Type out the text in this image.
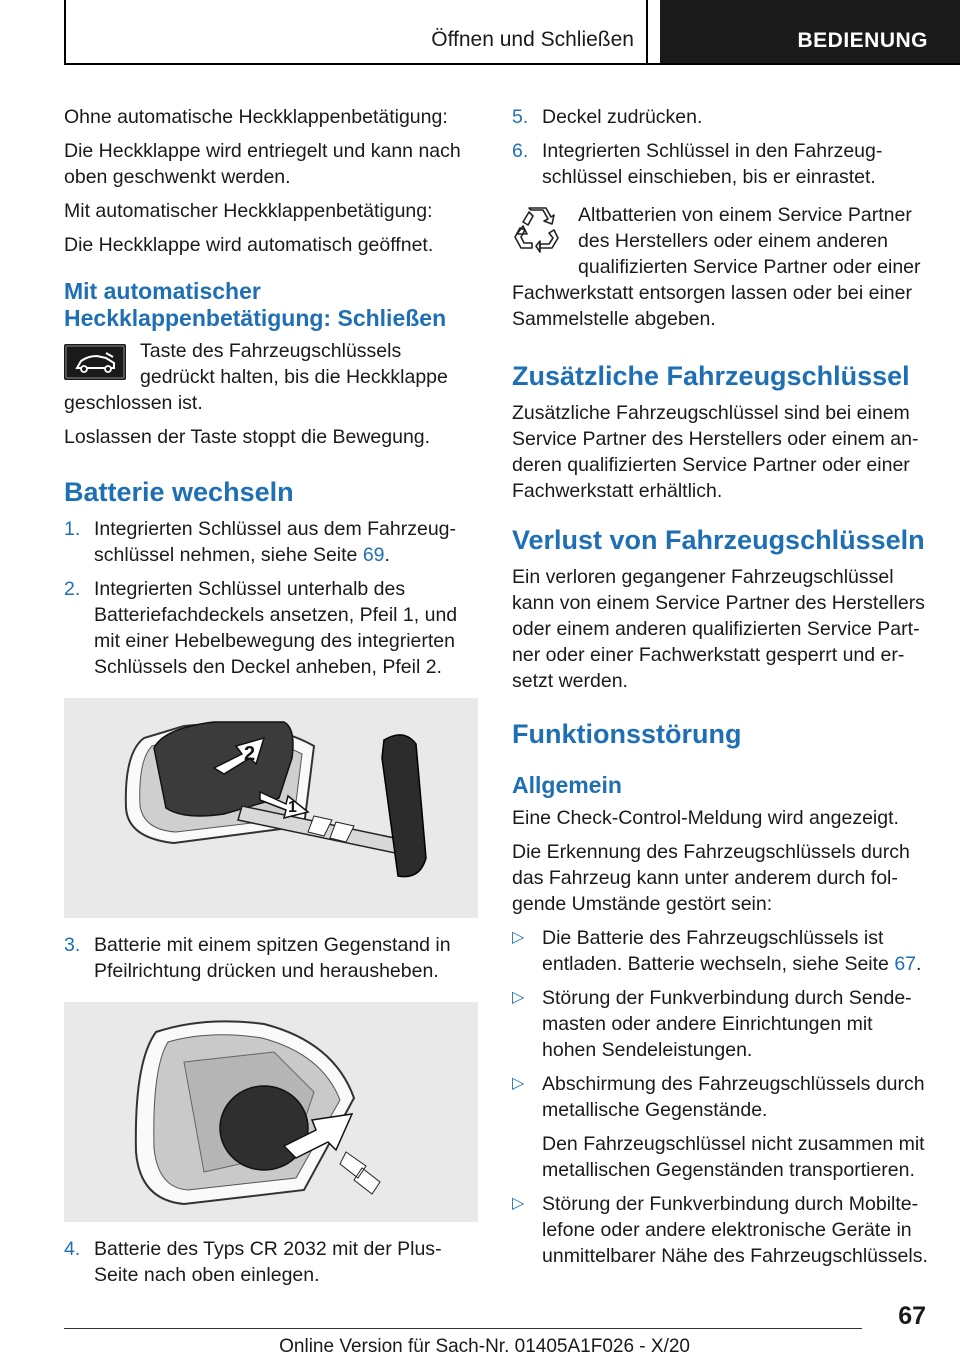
Öffnen und Schließen	BEDIENUNG

Ohne automatische Heckklappenbetätigung:

Die Heckklappe wird entriegelt und kann nach oben geschwenkt werden.

Mit automatischer Heckklappenbetätigung:

Die Heckklappe wird automatisch geöffnet.

Mit automatischer Heckklappenbetätigung: Schließen
Taste des Fahrzeugschlüssels gedrückt halten, bis die Heckklappe geschlossen ist.

Loslassen der Taste stoppt die Bewegung.

Batterie wechseln
1. Integrierten Schlüssel aus dem Fahrzeugschlüssel nehmen, siehe Seite 69.
2. Integrierten Schlüssel unterhalb des Batteriefachdeckels ansetzen, Pfeil 1, und mit einer Hebelbewegung des integrierten Schlüssels den Deckel anheben, Pfeil 2.
2
1
3. Batterie mit einem spitzen Gegenstand in Pfeilrichtung drücken und herausheben.
4. Batterie des Typs CR 2032 mit der PlusSeite nach oben einlegen.
5. Deckel zudrücken.
6. Integrierten Schlüssel in den Fahrzeugschlüssel einschieben, bis er einrastet.
Altbatterien von einem Service Partner des Herstellers oder einem anderen qualifizierten Service Partner oder einer Fachwerkstatt entsorgen lassen oder bei einer Sammelstelle abgeben.
Zusätzliche Fahrzeugschlüssel

Zusätzliche Fahrzeugschlüssel sind bei einem Service Partner des Herstellers oder einem anderen qualifizierten Service Partner oder einer Fachwerkstatt erhältlich.

Verlust von Fahrzeugschlüsseln

Ein verloren gegangener Fahrzeugschlüssel kann von einem Service Partner des Herstellers oder einem anderen qualifizierten Service Partner oder einer Fachwerkstatt gesperrt und ersetzt werden.

Funktionsstörung
Allgemein

Eine Check-Control-Meldung wird angezeigt.

Die Erkennung des Fahrzeugschlüssels durch das Fahrzeug kann unter anderem durch folgende Umstände gestört sein:

▷ Die Batterie des Fahrzeugschlüssels ist entladen. Batterie wechseln, siehe Seite 67.
▷ Störung der Funkverbindung durch Sendemasten oder andere Einrichtungen mit hohen Sendeleistungen.
▷ Abschirmung des Fahrzeugschlüssels durch metallische Gegenstände.
Den Fahrzeugschlüssel nicht zusammen mit metallischen Gegenständen transportieren.
▷ Störung der Funkverbindung durch Mobiltelefone oder andere elektronische Geräte in unmittelbarer Nähe des Fahrzeugschlüssels.
67
Online Version für Sach-Nr. 01405A1F026 - X/20
